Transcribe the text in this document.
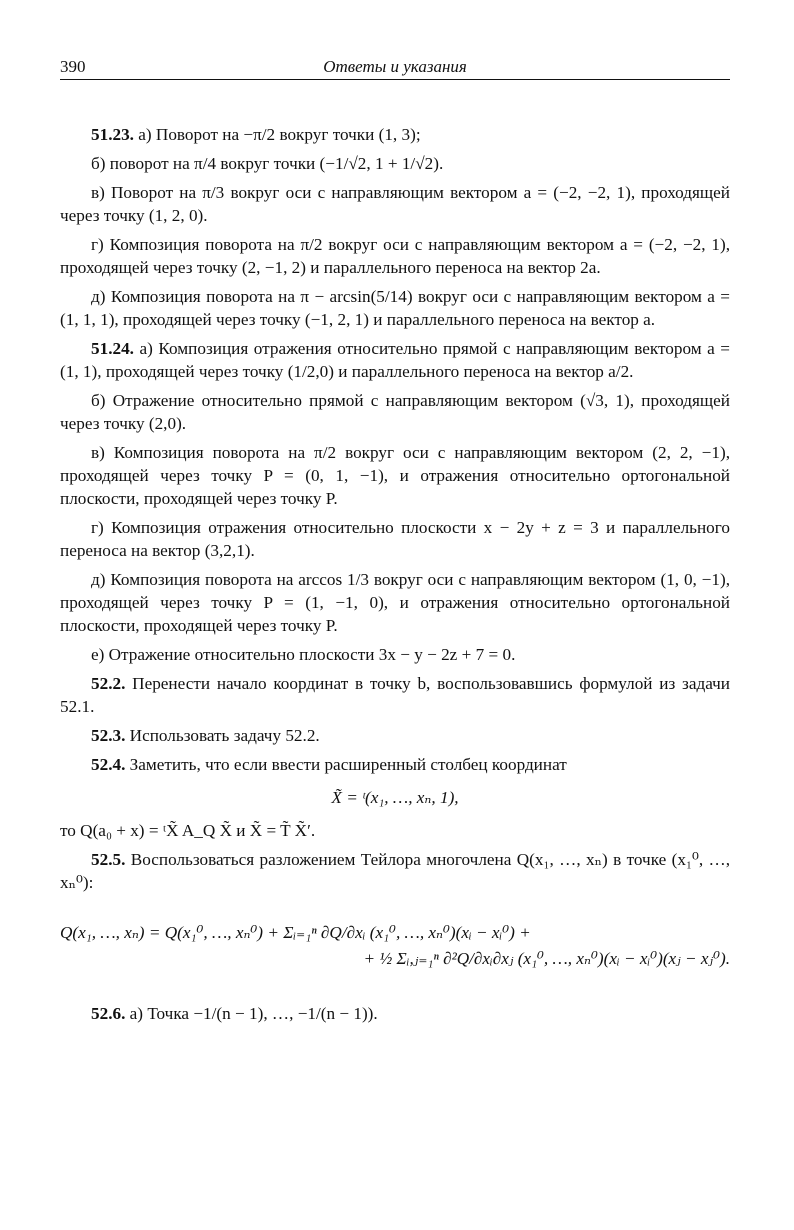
390	Ответы и указания

51.23. а) Поворот на −π/2 вокруг точки (1, 3);

б) поворот на π/4 вокруг точки (−1/√2, 1 + 1/√2).

в) Поворот на π/3 вокруг оси с направляющим вектором a = (−2, −2, 1), проходящей через точку (1, 2, 0).

г) Композиция поворота на π/2 вокруг оси с направляющим вектором a = (−2, −2, 1), проходящей через точку (2, −1, 2) и параллельного переноса на вектор 2a.

д) Композиция поворота на π − arcsin(5/14) вокруг оси с направляющим вектором a = (1, 1, 1), проходящей через точку (−1, 2, 1) и параллельного переноса на вектор a.

51.24. а) Композиция отражения относительно прямой с направляющим вектором a = (1, 1), проходящей через точку (1/2,0) и параллельного переноса на вектор a/2.

б) Отражение относительно прямой с направляющим вектором (√3, 1), проходящей через точку (2,0).

в) Композиция поворота на π/2 вокруг оси с направляющим вектором (2, 2, −1), проходящей через точку P = (0, 1, −1), и отражения относительно ортогональной плоскости, проходящей через точку P.

г) Композиция отражения относительно плоскости x − 2y + z = 3 и параллельного переноса на вектор (3,2,1).

д) Композиция поворота на arccos 1/3 вокруг оси с направляющим вектором (1, 0, −1), проходящей через точку P = (1, −1, 0), и отражения относительно ортогональной плоскости, проходящей через точку P.

е) Отражение относительно плоскости 3x − y − 2z + 7 = 0.

52.2. Перенести начало координат в точку b, воспользовавшись формулой из задачи 52.1.

52.3. Использовать задачу 52.2.

52.4. Заметить, что если ввести расширенный столбец координат

X̃ = ᵗ(x₁, …, xₙ, 1),

то Q(a₀ + x) = ᵗX̃ A_Q X̃ и X̃ = T̃ X̃′.

52.5. Воспользоваться разложением Тейлора многочлена Q(x₁, …, xₙ) в точке (x₁⁰, …, xₙ⁰):

Q(x₁, …, xₙ) = Q(x₁⁰, …, xₙ⁰) + Σᵢ₌₁ⁿ ∂Q/∂xᵢ (x₁⁰, …, xₙ⁰)(xᵢ − xᵢ⁰) +
+ ½ Σᵢ,ⱼ₌₁ⁿ ∂²Q/∂xᵢ∂xⱼ (x₁⁰, …, xₙ⁰)(xᵢ − xᵢ⁰)(xⱼ − xⱼ⁰).

52.6. а) Точка −1/(n − 1), …, −1/(n − 1)).
